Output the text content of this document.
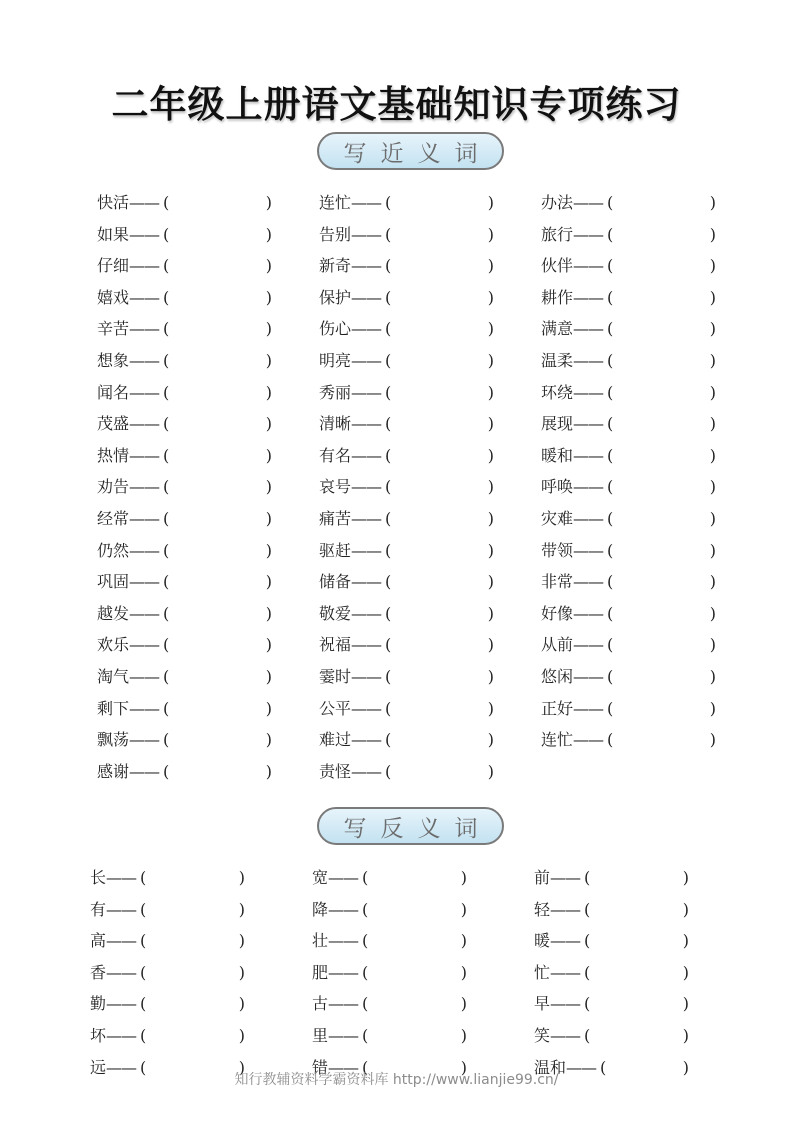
二年级上册语文基础知识专项练习
写近义词
快活—— (	)	连忙—— (	)	办法—— (	)
如果—— (	)	告别—— (	)	旅行—— (	)
仔细—— (	)	新奇—— (	)	伙伴—— (	)
嬉戏—— (	)	保护—— (	)	耕作—— (	)
辛苦—— (	)	伤心—— (	)	满意—— (	)
想象—— (	)	明亮—— (	)	温柔—— (	)
闻名—— (	)	秀丽—— (	)	环绕—— (	)
茂盛—— (	)	清晰—— (	)	展现—— (	)
热情—— (	)	有名—— (	)	暖和—— (	)
劝告—— (	)	哀号—— (	)	呼唤—— (	)
经常—— (	)	痛苦—— (	)	灾难—— (	)
仍然—— (	)	驱赶—— (	)	带领—— (	)
巩固—— (	)	储备—— (	)	非常—— (	)
越发—— (	)	敬爱—— (	)	好像—— (	)
欢乐—— (	)	祝福—— (	)	从前—— (	)
淘气—— (	)	霎时—— (	)	悠闲—— (	)
剩下—— (	)	公平—— (	)	正好—— (	)
飘荡—— (	)	难过—— (	)	连忙—— (	)
感谢—— (	)	责怪—— (	)
写反义词
长—— (	)	宽—— (	)	前—— (	)
有—— (	)	降—— (	)	轻—— (	)
高—— (	)	壮—— (	)	暖—— (	)
香—— (	)	肥—— (	)	忙—— (	)
勤—— (	)	古—— (	)	早—— (	)
坏—— (	)	里—— (	)	笑—— (	)
远—— (	)	错—— (	)	温和—— (	)
知行教辅资料学霸资料库 http://www.lianjie99.cn/
